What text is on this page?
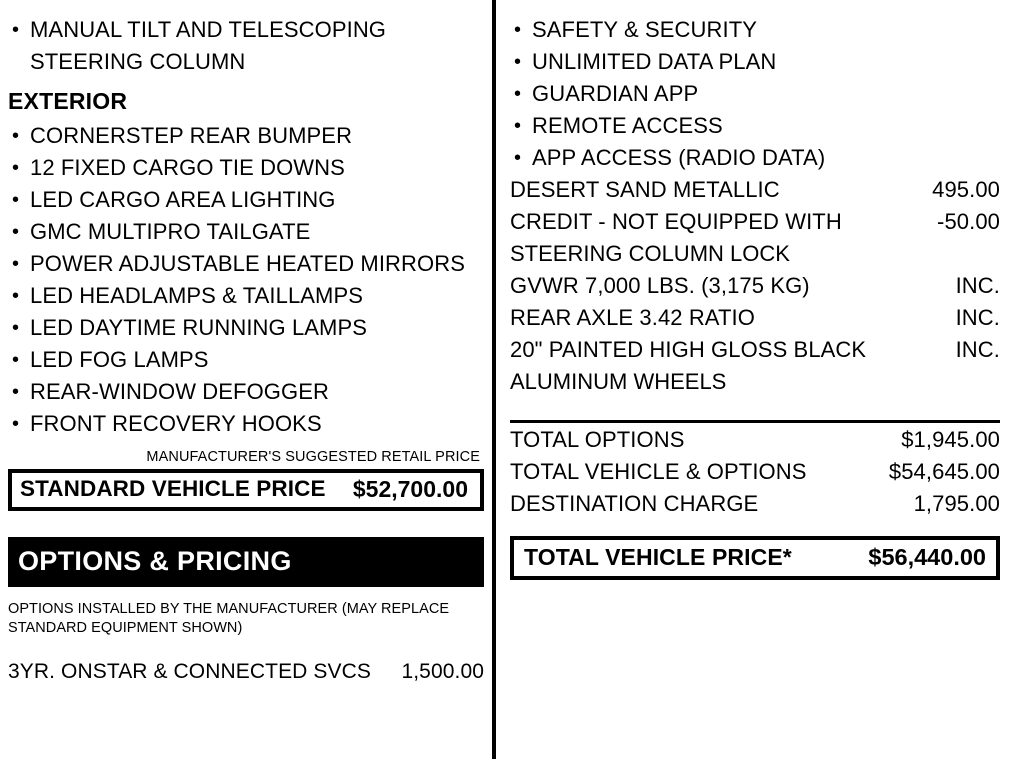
• MANUAL TILT AND TELESCOPING STEERING COLUMN
EXTERIOR
• CORNERSTEP REAR BUMPER
• 12 FIXED CARGO TIE DOWNS
• LED CARGO AREA LIGHTING
• GMC MULTIPRO TAILGATE
• POWER ADJUSTABLE HEATED MIRRORS
• LED HEADLAMPS & TAILLAMPS
• LED DAYTIME RUNNING LAMPS
• LED FOG LAMPS
• REAR-WINDOW DEFOGGER
• FRONT RECOVERY HOOKS
MANUFACTURER'S SUGGESTED RETAIL PRICE
STANDARD VEHICLE PRICE $52,700.00
OPTIONS & PRICING
OPTIONS INSTALLED BY THE MANUFACTURER (MAY REPLACE STANDARD EQUIPMENT SHOWN)
3YR. ONSTAR & CONNECTED SVCS	1,500.00
• SAFETY & SECURITY
• UNLIMITED DATA PLAN
• GUARDIAN APP
• REMOTE ACCESS
• APP ACCESS (RADIO DATA)
DESERT SAND METALLIC	495.00
CREDIT - NOT EQUIPPED WITH	-50.00
STEERING COLUMN LOCK
GVWR 7,000 LBS. (3,175 KG)	INC.
REAR AXLE 3.42 RATIO	INC.
20" PAINTED HIGH GLOSS BLACK	INC.
ALUMINUM WHEELS
TOTAL OPTIONS	$1,945.00
TOTAL VEHICLE & OPTIONS	$54,645.00
DESTINATION CHARGE	1,795.00
TOTAL VEHICLE PRICE*	$56,440.00
